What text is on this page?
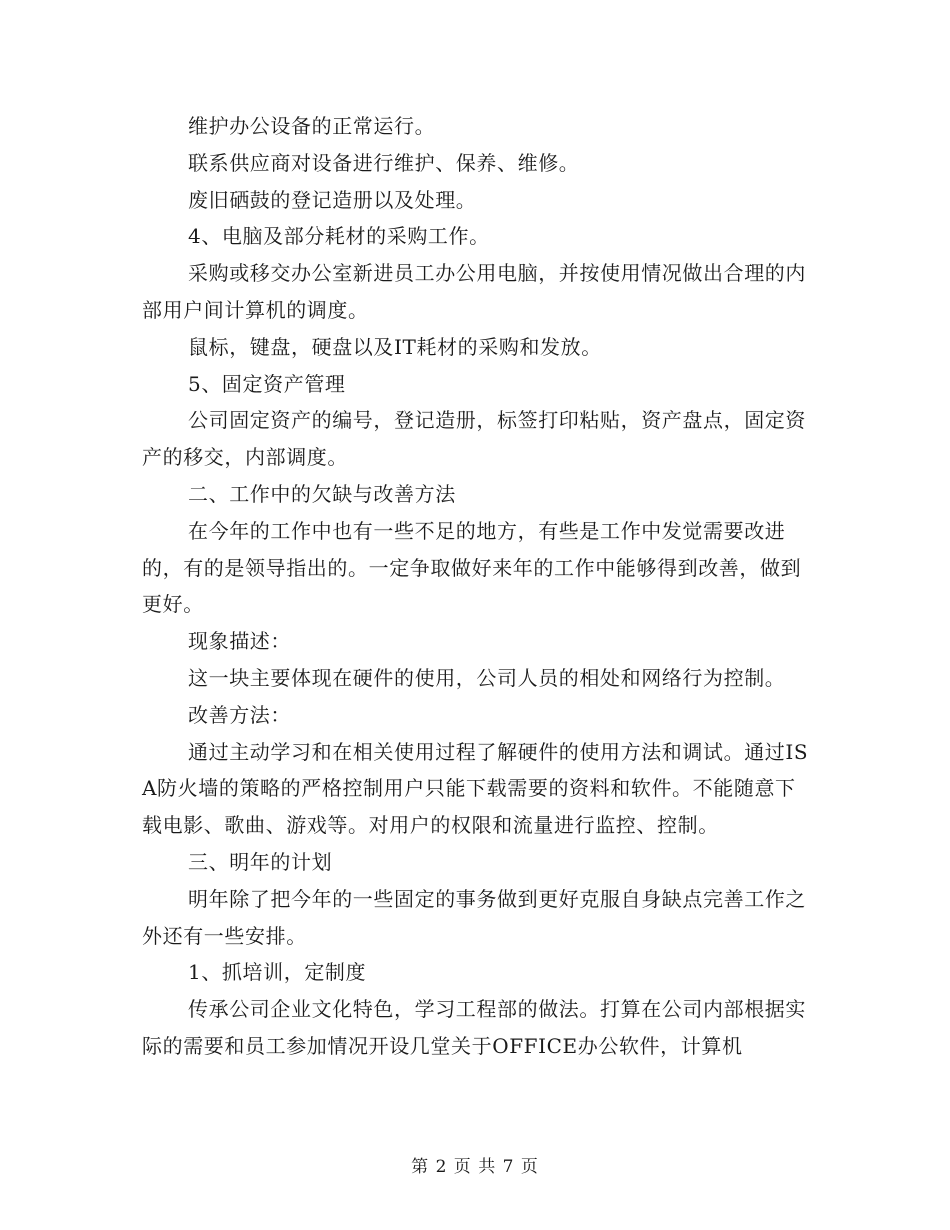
维护办公设备的正常运行。

联系供应商对设备进行维护、保养、维修。

废旧硒鼓的登记造册以及处理。

4、电脑及部分耗材的采购工作。

采购或移交办公室新进员工办公用电脑，并按使用情况做出合理的内部用户间计算机的调度。

鼠标，键盘，硬盘以及IT耗材的采购和发放。

5、固定资产管理

公司固定资产的编号，登记造册，标签打印粘贴，资产盘点，固定资产的移交，内部调度。

二、工作中的欠缺与改善方法

在今年的工作中也有一些不足的地方，有些是工作中发觉需要改进的，有的是领导指出的。一定争取做好来年的工作中能够得到改善，做到更好。

现象描述：

这一块主要体现在硬件的使用，公司人员的相处和网络行为控制。

改善方法：

通过主动学习和在相关使用过程了解硬件的使用方法和调试。通过ISA防火墙的策略的严格控制用户只能下载需要的资料和软件。不能随意下载电影、歌曲、游戏等。对用户的权限和流量进行监控、控制。

三、明年的计划

明年除了把今年的一些固定的事务做到更好克服自身缺点完善工作之外还有一些安排。

1、抓培训，定制度

传承公司企业文化特色，学习工程部的做法。打算在公司内部根据实际的需要和员工参加情况开设几堂关于OFFICE办公软件，计算机

第 2 页 共 7 页
